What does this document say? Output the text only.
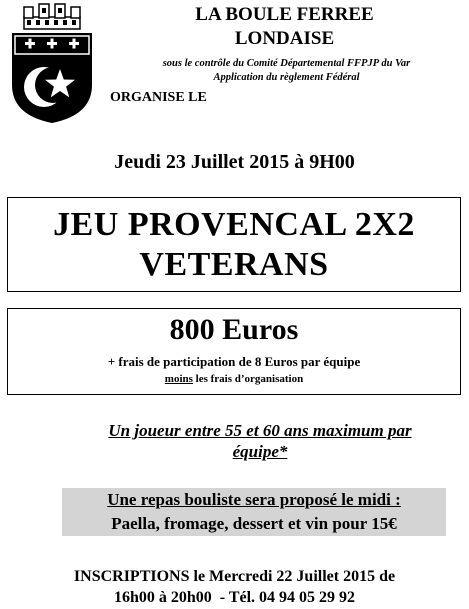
LA BOULE FERREE
LONDAISE
sous le contrôle du Comité Départemental FFPJP du Var
Application du règlement Fédéral
ORGANISE LE
Jeudi 23 Juillet 2015 à 9H00
JEU PROVENCAL 2X2
VETERANS
800 Euros
+ frais de participation de 8 Euros par équipe
moins les frais d’organisation
Un joueur entre 55 et 60 ans maximum par
équipe*
Une repas bouliste sera proposé le midi :
Paella, fromage, dessert et vin pour 15€
INSCRIPTIONS le Mercredi 22 Juillet 2015 de
16h00 à 20h00  - Tél. 04 94 05 29 92
